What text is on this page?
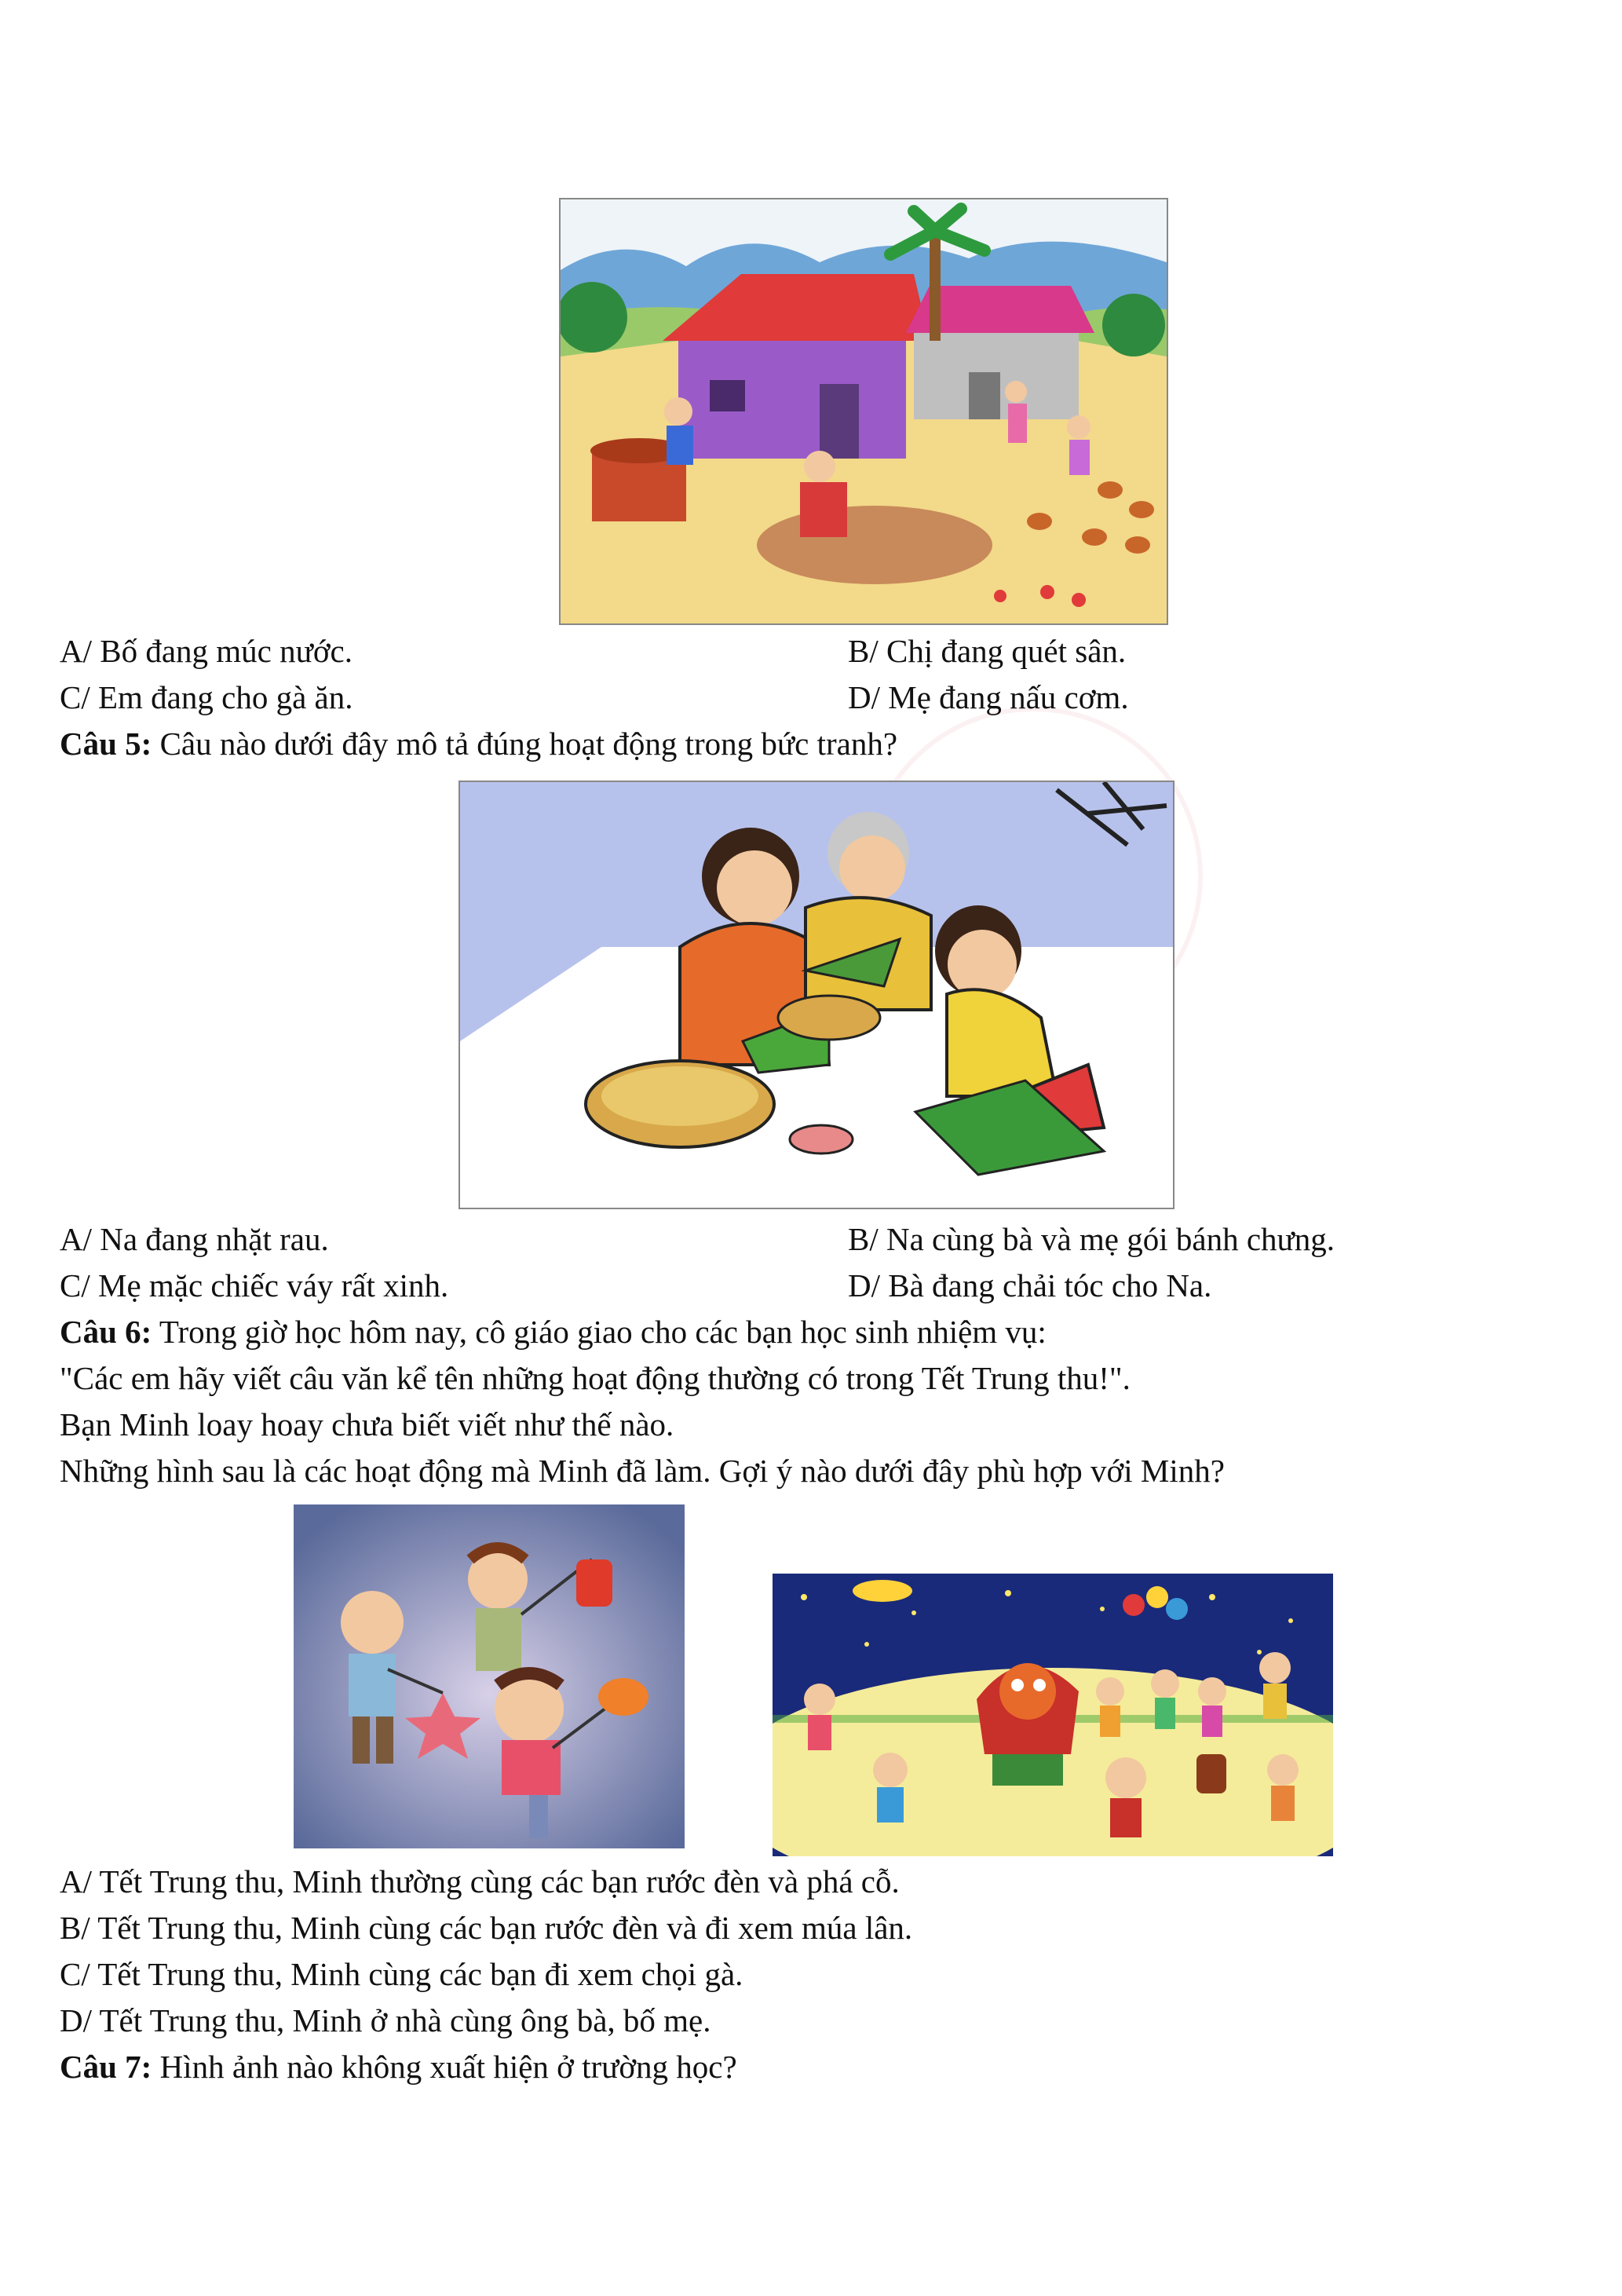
A/ Bố đang múc nước.	B/ Chị đang quét sân.
C/ Em đang cho gà ăn.	D/ Mẹ đang nấu cơm.
Câu 5: Câu nào dưới đây mô tả đúng hoạt động trong bức tranh?
A/ Na đang nhặt rau.	B/ Na cùng bà và mẹ gói bánh chưng.
C/ Mẹ mặc chiếc váy rất xinh.	D/ Bà đang chải tóc cho Na.
Câu 6: Trong giờ học hôm nay, cô giáo giao cho các bạn học sinh nhiệm vụ:
"Các em hãy viết câu văn kể tên những hoạt động thường có trong Tết Trung thu!".
Bạn Minh loay hoay chưa biết viết như thế nào.
Những hình sau là các hoạt động mà Minh đã làm. Gợi ý nào dưới đây phù hợp với Minh?
A/ Tết Trung thu, Minh thường cùng các bạn rước đèn và phá cỗ.
B/ Tết Trung thu, Minh cùng các bạn rước đèn và đi xem múa lân.
C/ Tết Trung thu, Minh cùng các bạn đi xem chọi gà.
D/ Tết Trung thu, Minh ở nhà cùng ông bà, bố mẹ.
Câu 7: Hình ảnh nào không xuất hiện ở trường học?
